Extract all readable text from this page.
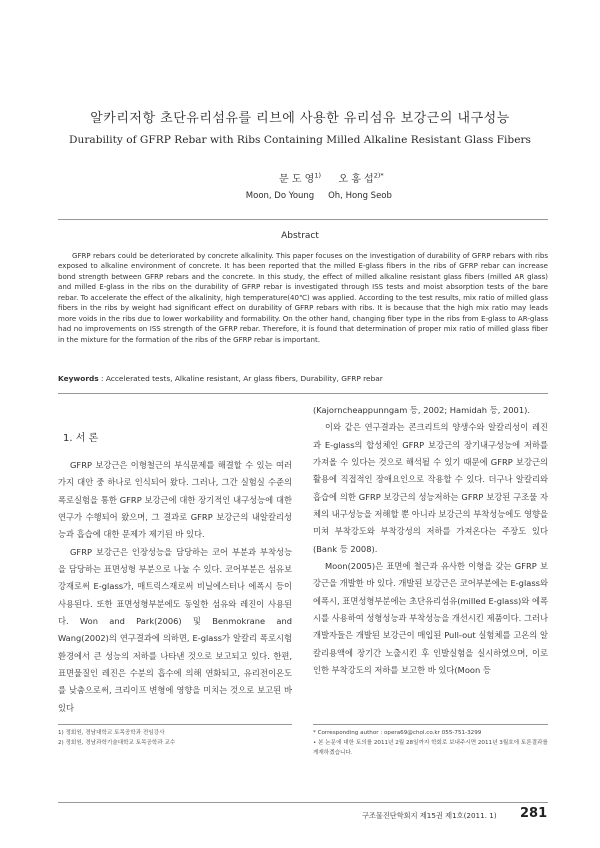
알카리저항 초단유리섬유를 리브에 사용한 유리섬유 보강근의 내구성능
Durability of GFRP Rebar with Ribs Containing Milled Alkaline Resistant Glass Fibers
문 도 영$^{1)}$	오 홍 섭$^{2)*}$
Moon, Do Young	Oh, Hong Seob
Abstract
GFRP rebars could be deteriorated by concrete alkalinity. This paper focuses on the investigation of durability of GFRP rebars with ribs exposed to alkaline environment of concrete. It has been reported that the milled E-glass fibers in the ribs of GFRP rebar can increase bond strength between GFRP rebars and the concrete. In this study, the effect of milled alkaline resistant glass fibers (milled AR glass) and milled E-glass in the ribs on the durability of GFRP rebar is investigated through ISS tests and moist absorption tests of the bare rebar. To accelerate the effect of the alkalinity, high temperature(40℃) was applied. According to the test results, mix ratio of milled glass fibers in the ribs by weight had significant effect on durability of GFRP rebars with ribs. It is because that the high mix ratio may leads more voids in the ribs due to lower workability and formability. On the other hand, changing fiber type in the ribs from E-glass to AR-glass had no improvements on ISS strength of the GFRP rebar. Therefore, it is found that determination of proper mix ratio of milled glass fiber in the mixture for the formation of the ribs of the GFRP rebar is important.
Keywords : Accelerated tests, Alkaline resistant, Ar glass fibers, Durability, GFRP rebar
1. 서 론

GFRP 보강근은 이형철근의 부식문제를 해결할 수 있는 여러 가지 대안 중 하나로 인식되어 왔다. 그러나, 그간 실험실 수준의 폭로실험을 통한 GFRP 보강근에 대한 장기적인 내구성능에 대한 연구가 수행되어 왔으며, 그 결과로 GFRP 보강근의 내알칼리성능과 흡습에 대한 문제가 제기된 바 있다.

GFRP 보강근은 인장성능을 담당하는 코어 부분과 부착성능을 담당하는 표면성형 부분으로 나눌 수 있다. 코어부분은 섬유보강재로써 E-glass가, 매트릭스재로써 비닐에스터나 에폭시 등이 사용된다. 또한 표면성형부분에도 동일한 섬유와 레진이 사용된다. Won and Park(2006) 및 Benmokrane and Wang(2002)의 연구결과에 의하면, E-glass가 알칼리 폭로시험환경에서 큰 성능의 저하를 나타낸 것으로 보고되고 있다. 한편, 표면물질인 레진은 수분의 흡수에 의해 연화되고, 유리전이온도를 낮춤으로써, 크리이프 변형에 영향을 미치는 것으로 보고된 바 있다

(Kajorncheappunngam 등, 2002; Hamidah 등, 2001).

이와 같은 연구결과는 콘크리트의 양생수와 알칼리성이 레진과 E-glass의 합성체인 GFRP 보강근의 장기내구성능에 저하를 가져올 수 있다는 것으로 해석될 수 있기 때문에 GFRP 보강근의 활용에 직접적인 장애요인으로 작용할 수 있다. 더구나 알칼리와 흡습에 의한 GFRP 보강근의 성능저하는 GFRP 보강된 구조물 자체의 내구성능을 저해할 뿐 아니라 보강근의 부착성능에도 영향을 미쳐 부착강도와 부착강성의 저하를 가져온다는 주장도 있다(Bank 등 2008).

Moon(2005)은 표면에 철근과 유사한 이형을 갖는 GFRP 보강근을 개발한 바 있다. 개발된 보강근은 코어부분에는 E-glass와 에폭시, 표면성형부분에는 초단유리섬유(milled E-glass)와 에폭시를 사용하여 성형성능과 부착성능을 개선시킨 제품이다. 그러나 개발자들은 개발된 보강근이 매입된 Pull-out 실험체를 고온의 알칼리용액에 장기간 노출시킨 후 인발실험을 실시하였으며, 이로 인한 부착강도의 저하를 보고한 바 있다(Moon 등

1) 정회원, 경남대학교 토목공학과 전임강사
2) 정회원, 경남과학기술대학교 토목공학과 교수
* Corresponding author : opera69@chol.co.kr 055-751-3299
• 본 논문에 대한 토의를 2011년 2월 28일까지 학회로 보내주시면 2011년 3월호에 토론결과를 게재하겠습니다.
구조물진단학회지 제15권 제1호(2011. 1) 281
